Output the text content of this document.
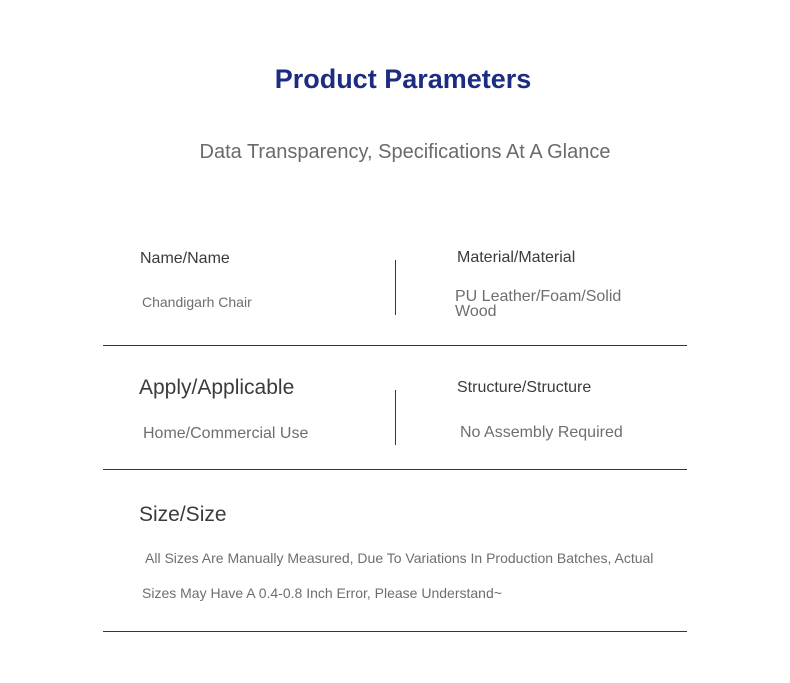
Product Parameters
Data Transparency, Specifications At A Glance
Name/Name
Chandigarh Chair
Material/Material
PU Leather/Foam/Solid Wood
Apply/Applicable
Home/Commercial Use
Structure/Structure
No Assembly Required
Size/Size
All Sizes Are Manually Measured, Due To Variations In Production Batches, Actual
Sizes May Have A 0.4-0.8 Inch Error, Please Understand~
